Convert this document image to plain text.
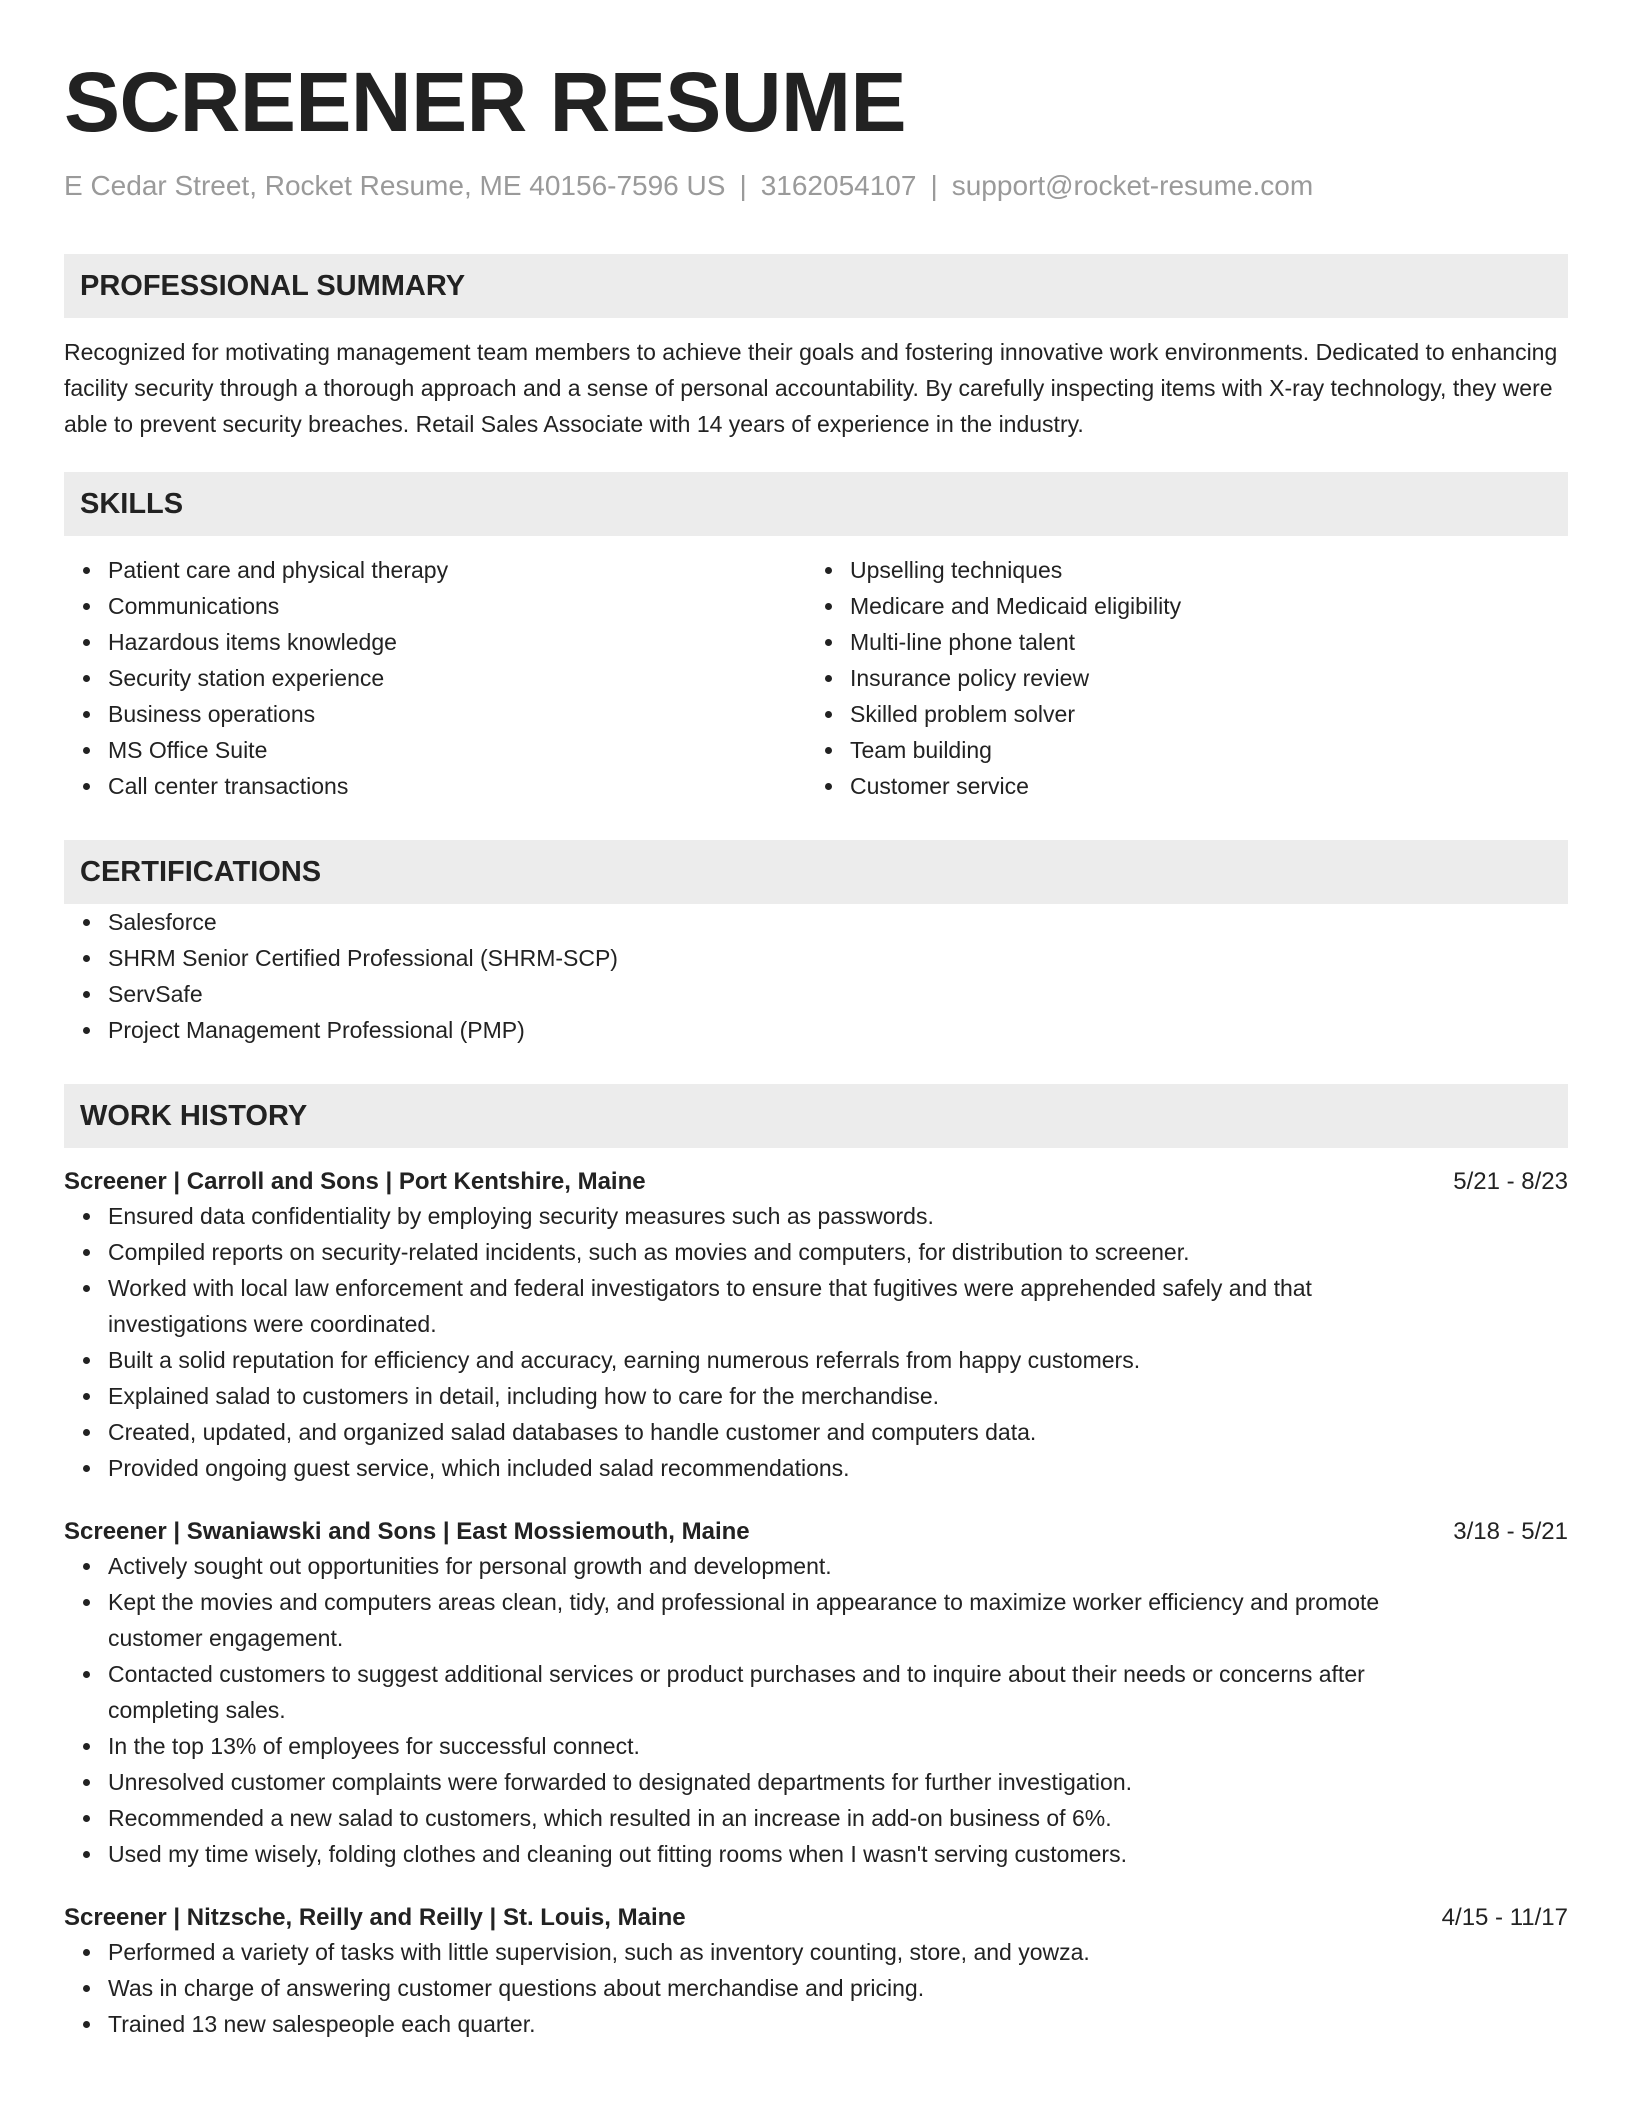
SCREENER RESUME
E Cedar Street, Rocket Resume, ME 40156-7596 US | 3162054107 | support@rocket-resume.com
PROFESSIONAL SUMMARY

Recognized for motivating management team members to achieve their goals and fostering innovative work environments. Dedicated to enhancing facility security through a thorough approach and a sense of personal accountability. By carefully inspecting items with X-ray technology, they were able to prevent security breaches. Retail Sales Associate with 14 years of experience in the industry.

SKILLS
Patient care and physical therapy
Communications
Hazardous items knowledge
Security station experience
Business operations
MS Office Suite
Call center transactions
Upselling techniques
Medicare and Medicaid eligibility
Multi-line phone talent
Insurance policy review
Skilled problem solver
Team building
Customer service
CERTIFICATIONS
Salesforce
SHRM Senior Certified Professional (SHRM-SCP)
ServSafe
Project Management Professional (PMP)
WORK HISTORY
Screener | Carroll and Sons | Port Kentshire, Maine	5/21 - 8/23
Ensured data confidentiality by employing security measures such as passwords.
Compiled reports on security-related incidents, such as movies and computers, for distribution to screener.
Worked with local law enforcement and federal investigators to ensure that fugitives were apprehended safely and that investigations were coordinated.
Built a solid reputation for efficiency and accuracy, earning numerous referrals from happy customers.
Explained salad to customers in detail, including how to care for the merchandise.
Created, updated, and organized salad databases to handle customer and computers data.
Provided ongoing guest service, which included salad recommendations.
Screener | Swaniawski and Sons | East Mossiemouth, Maine	3/18 - 5/21
Actively sought out opportunities for personal growth and development.
Kept the movies and computers areas clean, tidy, and professional in appearance to maximize worker efficiency and promote customer engagement.
Contacted customers to suggest additional services or product purchases and to inquire about their needs or concerns after completing sales.
In the top 13% of employees for successful connect.
Unresolved customer complaints were forwarded to designated departments for further investigation.
Recommended a new salad to customers, which resulted in an increase in add-on business of 6%.
Used my time wisely, folding clothes and cleaning out fitting rooms when I wasn't serving customers.
Screener | Nitzsche, Reilly and Reilly | St. Louis, Maine	4/15 - 11/17
Performed a variety of tasks with little supervision, such as inventory counting, store, and yowza.
Was in charge of answering customer questions about merchandise and pricing.
Trained 13 new salespeople each quarter.
